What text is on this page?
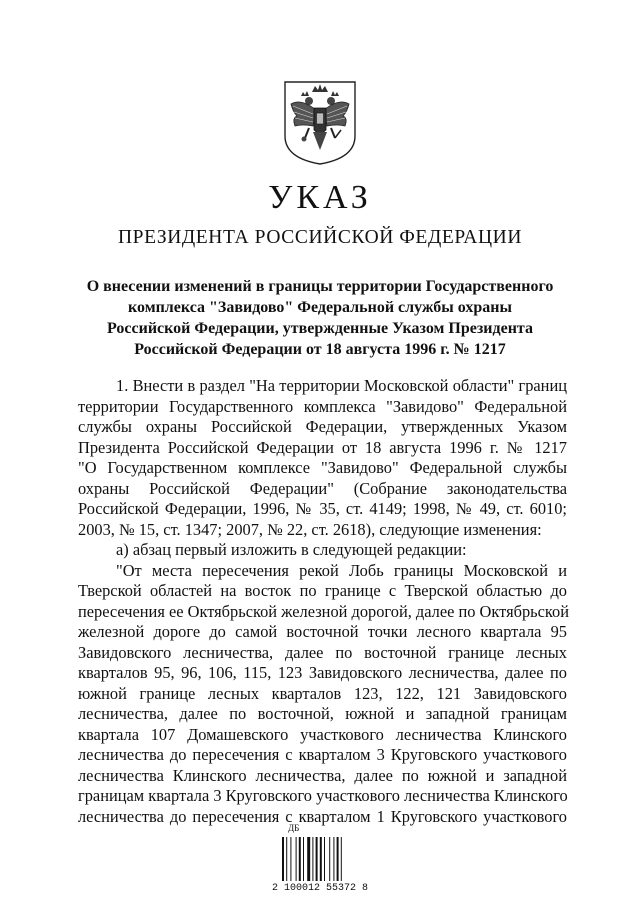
УКАЗ
ПРЕЗИДЕНТА РОССИЙСКОЙ ФЕДЕРАЦИИ
О внесении изменений в границы территории Государственного
комплекса "Завидово" Федеральной службы охраны
Российской Федерации, утвержденные Указом Президента
Российской Федерации от 18 августа 1996 г. № 1217
1. Внести в раздел "На территории Московской области" границ
территории Государственного комплекса "Завидово" Федеральной
службы охраны Российской Федерации, утвержденных Указом
Президента Российской Федерации от 18 августа 1996 г. № 1217
"О Государственном комплексе "Завидово" Федеральной службы
охраны Российской Федерации" (Собрание законодательства
Российской Федерации, 1996, № 35, ст. 4149; 1998, № 49, ст. 6010;
2003, № 15, ст. 1347; 2007, № 22, ст. 2618), следующие изменения:
а) абзац первый изложить в следующей редакции:
"От места пересечения рекой Лобь границы Московской и
Тверской областей на восток по границе с Тверской областью до
пересечения ее Октябрьской железной дорогой, далее по Октябрьской
железной дороге до самой восточной точки лесного квартала 95
Завидовского лесничества, далее по восточной границе лесных
кварталов 95, 96, 106, 115, 123 Завидовского лесничества, далее по
южной границе лесных кварталов 123, 122, 121 Завидовского
лесничества, далее по восточной, южной и западной границам
квартала 107 Домашевского участкового лесничества Клинского
лесничества до пересечения с кварталом 3 Круговского участкового
лесничества Клинского лесничества, далее по южной и западной
границам квартала 3 Круговского участкового лесничества Клинского
лесничества до пересечения с кварталом 1 Круговского участкового
ДБ
2 100012 55372 8
